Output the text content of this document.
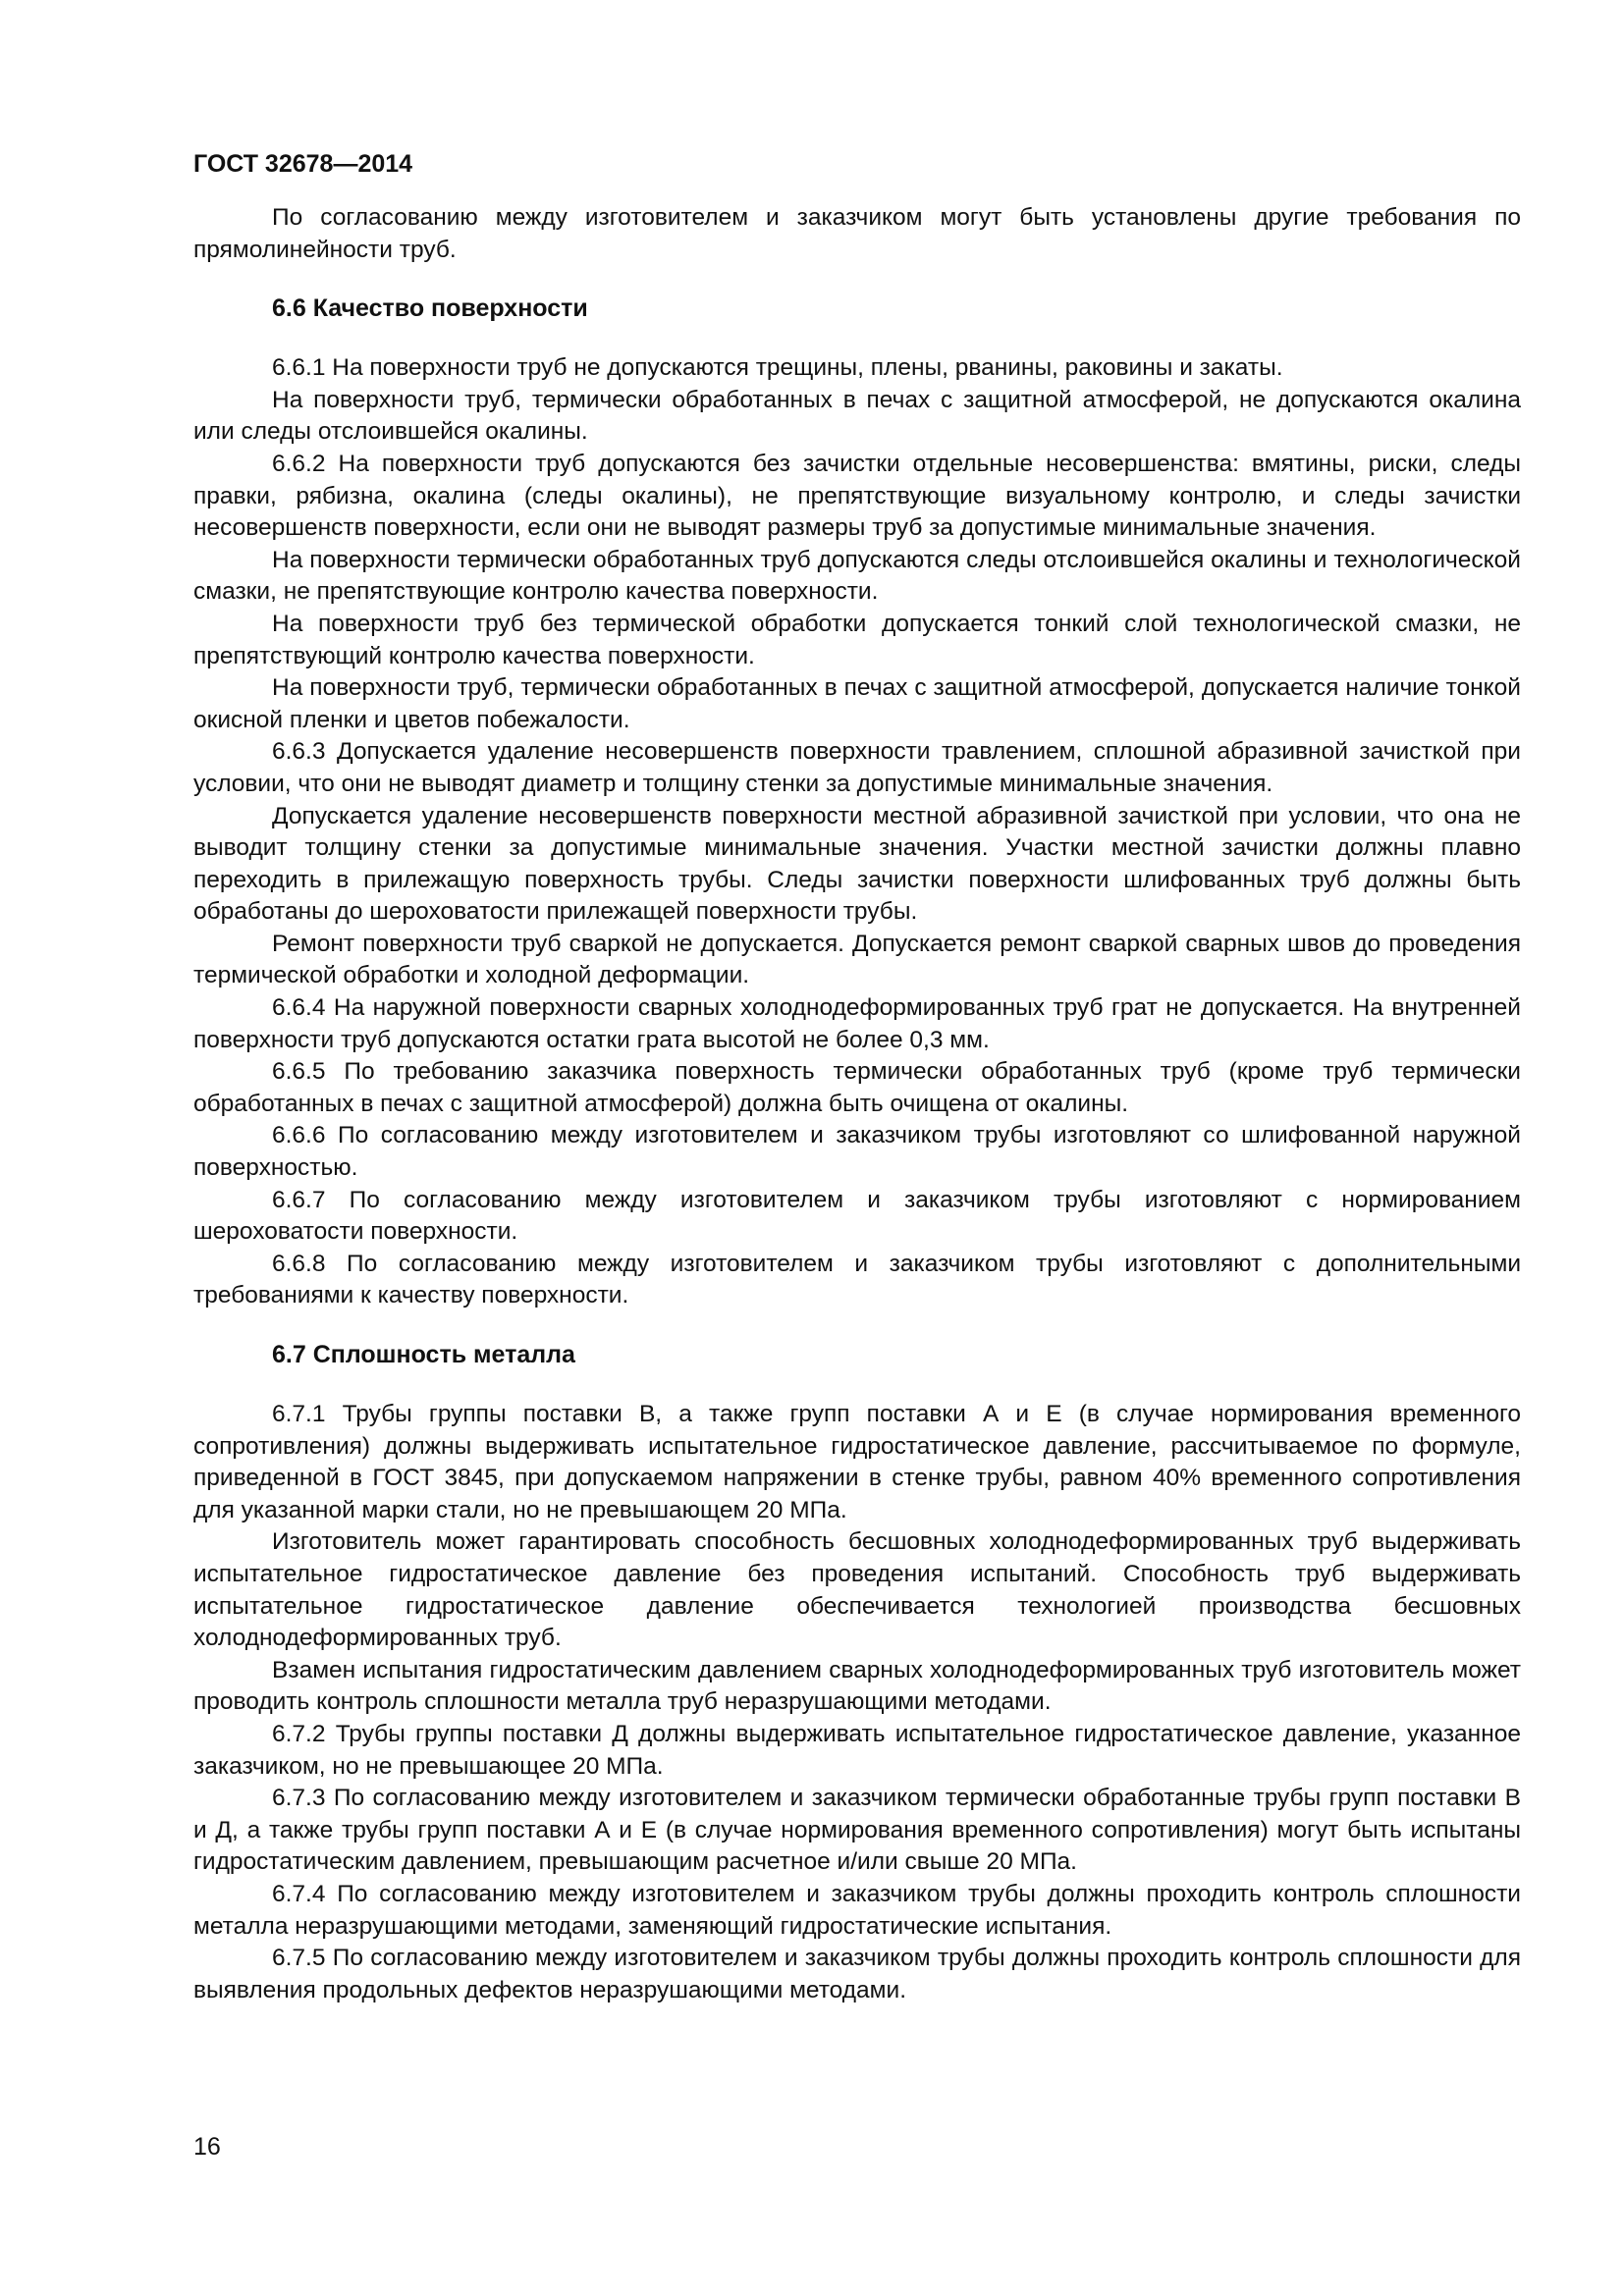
ГОСТ 32678—2014

По согласованию между изготовителем и заказчиком могут быть установлены другие требования по прямолинейности труб.

6.6 Качество поверхности

6.6.1 На поверхности труб не допускаются трещины, плены, рванины, раковины и закаты.

На поверхности труб, термически обработанных в печах с защитной атмосферой, не допускаются окалина или следы отслоившейся окалины.

6.6.2 На поверхности труб допускаются без зачистки отдельные несовершенства: вмятины, риски, следы правки, рябизна, окалина (следы окалины), не препятствующие визуальному контролю, и следы зачистки несовершенств поверхности, если они не выводят размеры труб за допустимые минимальные значения.

На поверхности термически обработанных труб допускаются следы отслоившейся окалины и технологической смазки, не препятствующие контролю качества поверхности.

На поверхности труб без термической обработки допускается тонкий слой технологической смазки, не препятствующий контролю качества поверхности.

На поверхности труб, термически обработанных в печах с защитной атмосферой, допускается наличие тонкой окисной пленки и цветов побежалости.

6.6.3 Допускается удаление несовершенств поверхности травлением, сплошной абразивной зачисткой при условии, что они не выводят диаметр и толщину стенки за допустимые минимальные значения.

Допускается удаление несовершенств поверхности местной абразивной зачисткой при условии, что она не выводит толщину стенки за допустимые минимальные значения. Участки местной зачистки должны плавно переходить в прилежащую поверхность трубы. Следы зачистки поверхности шлифованных труб должны быть обработаны до шероховатости прилежащей поверхности трубы.

Ремонт поверхности труб сваркой не допускается. Допускается ремонт сваркой сварных швов до проведения термической обработки и холодной деформации.

6.6.4 На наружной поверхности сварных холоднодеформированных труб грат не допускается. На внутренней поверхности труб допускаются остатки грата высотой не более 0,3 мм.

6.6.5 По требованию заказчика поверхность термически обработанных труб (кроме труб термически обработанных в печах с защитной атмосферой) должна быть очищена от окалины.

6.6.6 По согласованию между изготовителем и заказчиком трубы изготовляют со шлифованной наружной поверхностью.

6.6.7 По согласованию между изготовителем и заказчиком трубы изготовляют с нормированием шероховатости поверхности.

6.6.8 По согласованию между изготовителем и заказчиком трубы изготовляют с дополнительными требованиями к качеству поверхности.

6.7 Сплошность металла

6.7.1 Трубы группы поставки В, а также групп поставки А и Е (в случае нормирования временного сопротивления) должны выдерживать испытательное гидростатическое давление, рассчитываемое по формуле, приведенной в ГОСТ 3845, при допускаемом напряжении в стенке трубы, равном 40% временного сопротивления для указанной марки стали, но не превышающем 20 МПа.

Изготовитель может гарантировать способность бесшовных холоднодеформированных труб выдерживать испытательное гидростатическое давление без проведения испытаний. Способность труб выдерживать испытательное гидростатическое давление обеспечивается технологией производства бесшовных холоднодеформированных труб.

Взамен испытания гидростатическим давлением сварных холоднодеформированных труб изготовитель может проводить контроль сплошности металла труб неразрушающими методами.

6.7.2 Трубы группы поставки Д должны выдерживать испытательное гидростатическое давление, указанное заказчиком, но не превышающее 20 МПа.

6.7.3 По согласованию между изготовителем и заказчиком термически обработанные трубы групп поставки В и Д, а также трубы групп поставки А и Е (в случае нормирования временного сопротивления) могут быть испытаны гидростатическим давлением, превышающим расчетное и/или свыше 20 МПа.

6.7.4 По согласованию между изготовителем и заказчиком трубы должны проходить контроль сплошности металла неразрушающими методами, заменяющий гидростатические испытания.

6.7.5 По согласованию между изготовителем и заказчиком трубы должны проходить контроль сплошности для выявления продольных дефектов неразрушающими методами.

16
